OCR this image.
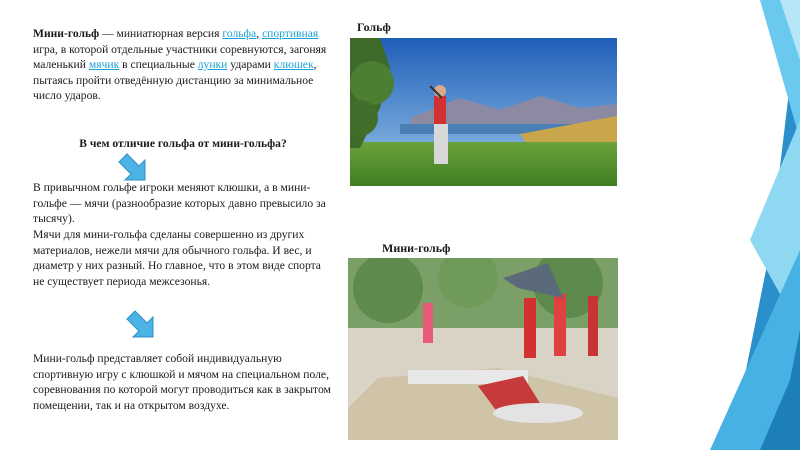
Мини-гольф — миниатюрная версия гольфа, спортивная игра, в которой отдельные участники соревнуются, загоняя маленький мячик в специальные лунки ударами клюшек, пытаясь пройти отведённую дистанцию за минимальное число ударов.

В чем отличие гольфа от мини-гольфа?

В привычном гольфе игроки меняют клюшки, а в мини-гольфе — мячи (разнообразие которых давно превысило за тысячу).

Мячи для мини-гольфа сделаны совершенно из других материалов, нежели мячи для обычного гольфа. И вес, и диаметр у них разный. Но главное, что в этом виде спорта не существует периода межсезонья.

Мини-гольф представляет собой индивидуальную спортивную игру с клюшкой и мячом на специальном поле, соревнования по которой могут проводиться как в закрытом помещении, так и на открытом воздухе.

Гольф

Мини-гольф
